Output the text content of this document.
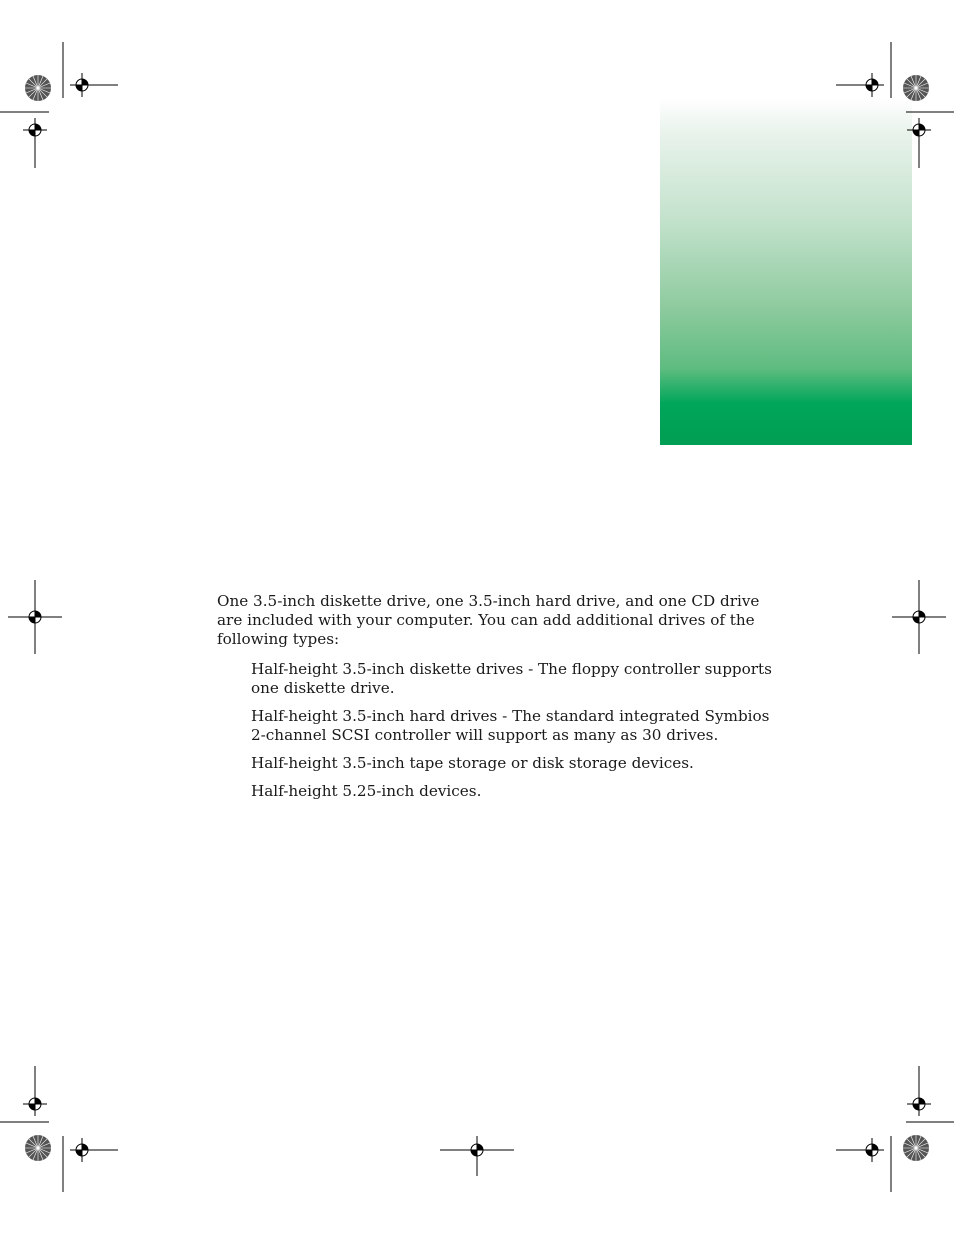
One 3.5-inch diskette drive, one 3.5-inch hard drive, and one CD drive are included with your computer. You can add additional drives of the following types:

Half-height 3.5-inch diskette drives - The floppy controller supports one diskette drive.

Half-height 3.5-inch hard drives - The standard integrated Symbios 2-channel SCSI controller will support as many as 30 drives.

Half-height 3.5-inch tape storage or disk storage devices.

Half-height 5.25-inch devices.
